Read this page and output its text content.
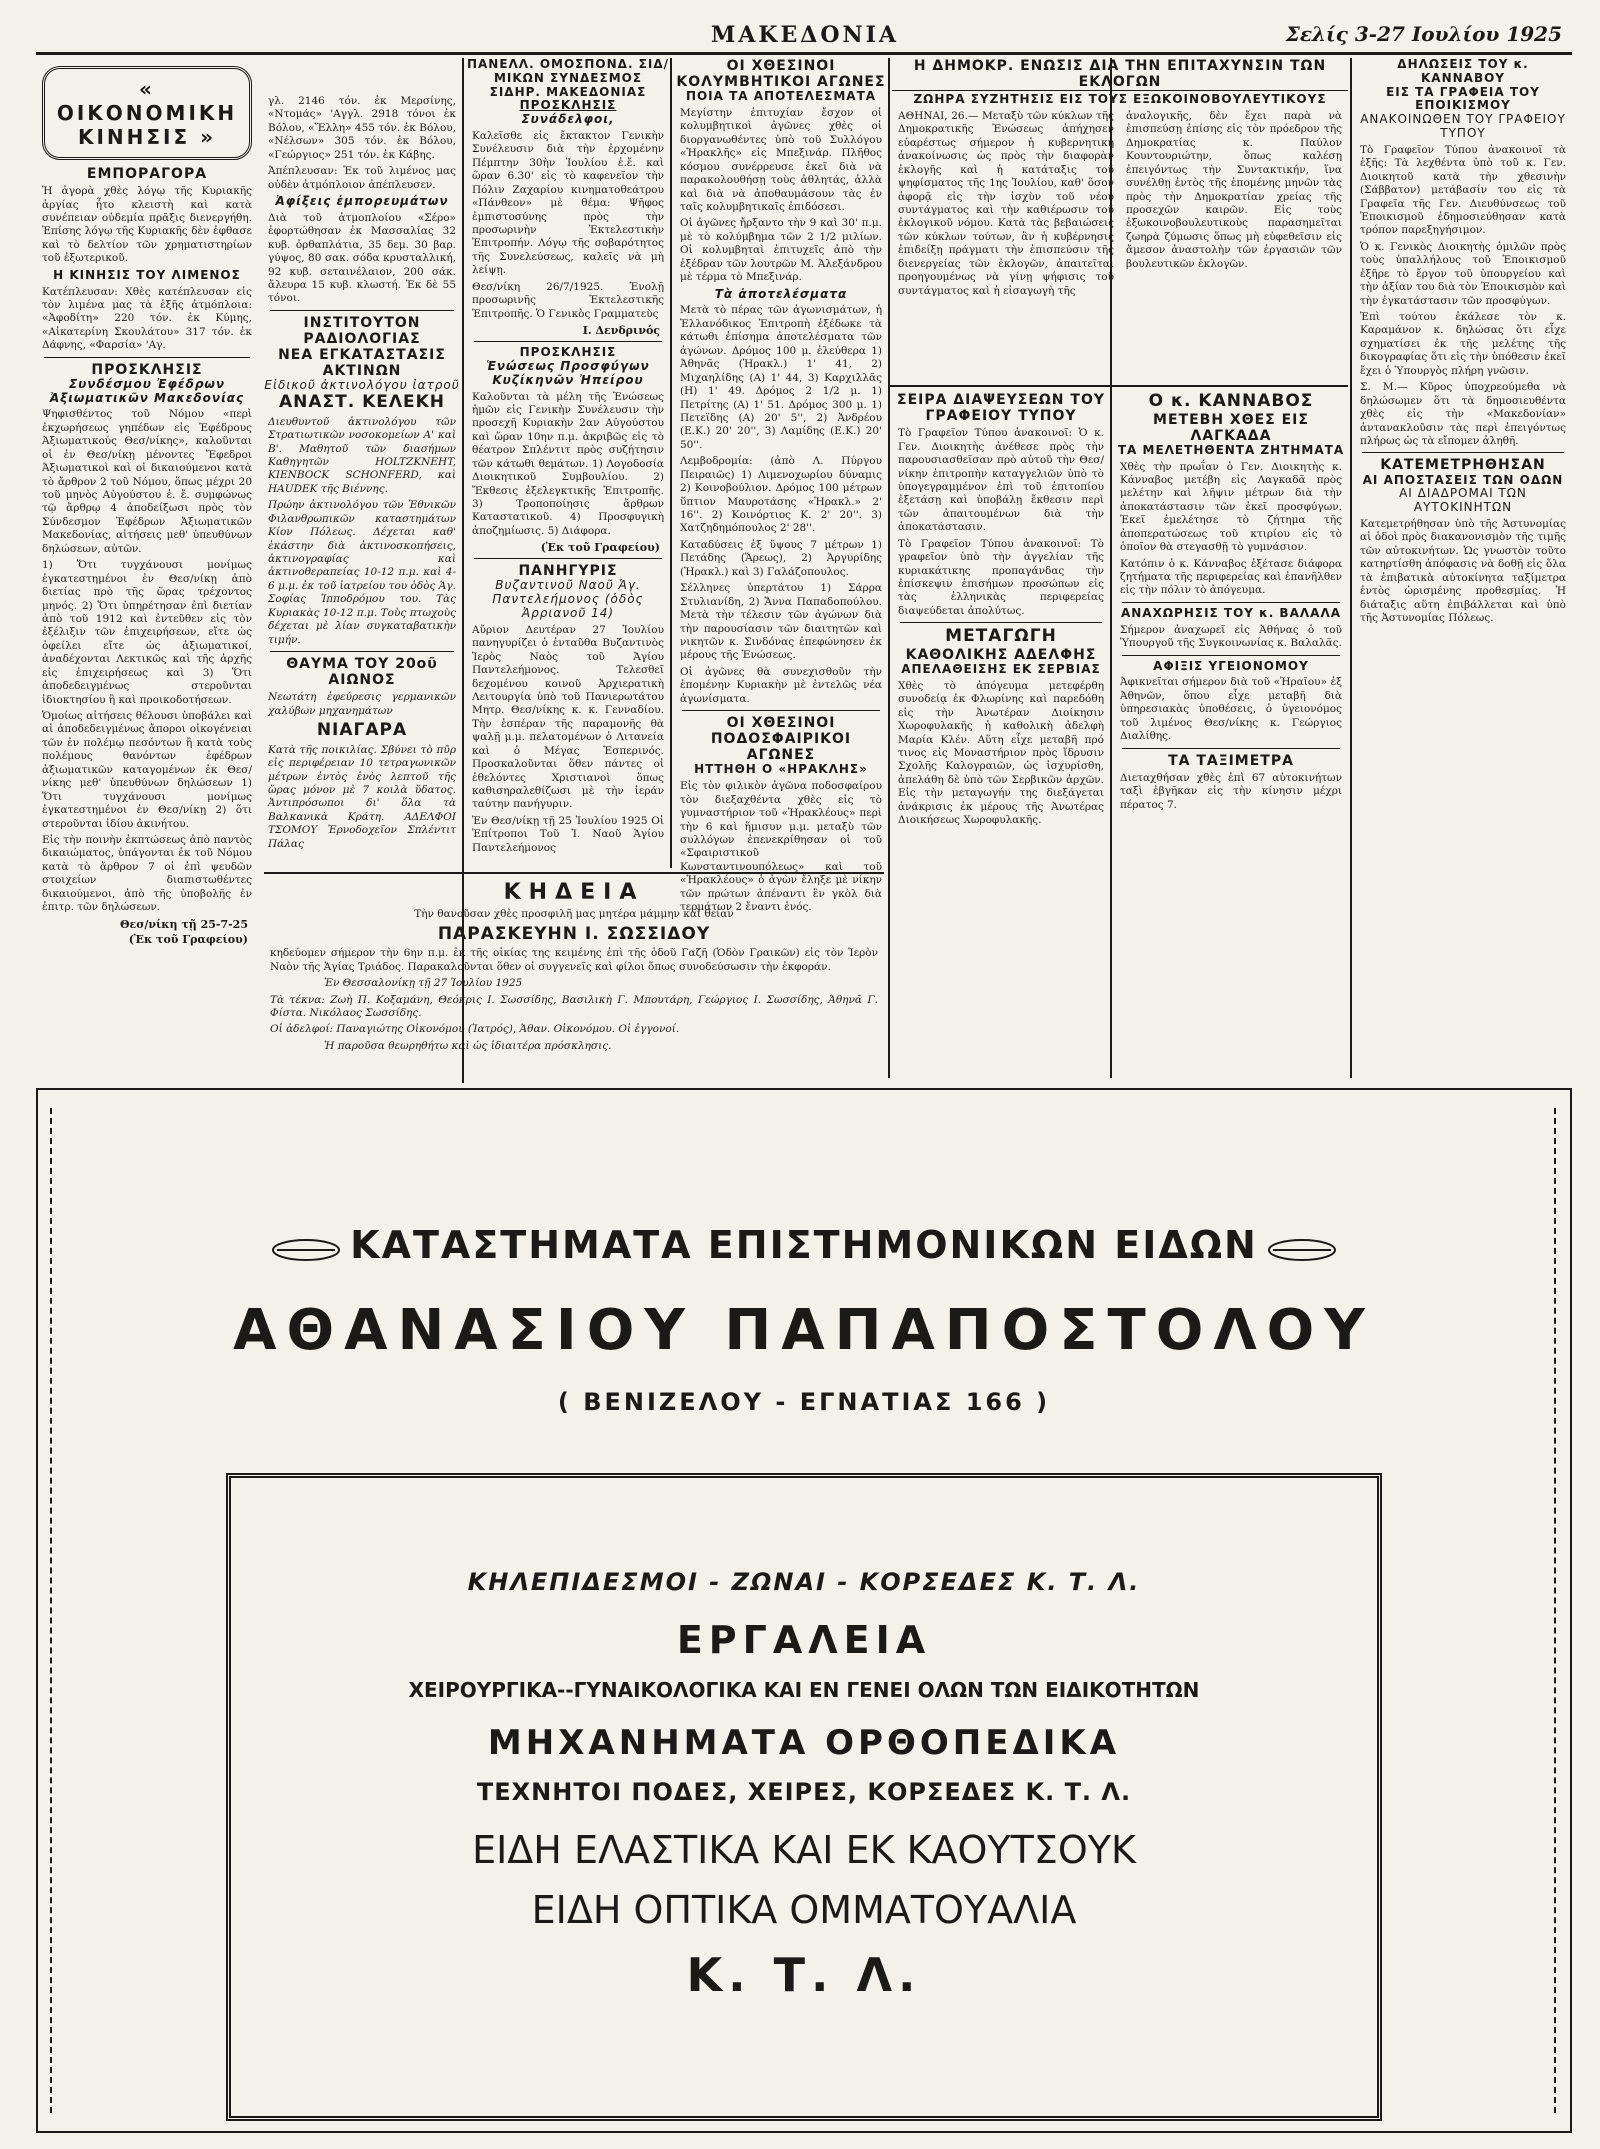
ΜΑΚΕΔΟΝΙΑ	Σελίς 3-27 Ιουλίου 1925
« ΟΙΚΟΝΟΜΙΚΗ ΚΙΝΗΣΙΣ »
ΕΜΠΟΡΑΓΟΡΑ
Ἡ ἀγορὰ χθὲς λόγῳ τῆς Κυριακῆς ἀργίας ἦτο κλειστὴ καὶ κατὰ συνέπειαν οὐδεμία πρᾶξις διενεργήθη. Ἐπίσης λόγῳ τῆς Κυριακῆς δὲν ἐφθασε καὶ τὸ δελτίον τῶν χρηματιστηρίων τοῦ ἐξωτερικοῦ.
Η ΚΙΝΗΣΙΣ ΤΟΥ ΛΙΜΕΝΟΣ
Κατέπλευσαν: Χθὲς κατέπλευσαν εἰς τὸν λιμένα μας τὰ ἑξῆς ἀτμόπλοια: «Ἀφοδίτη» 220 τόν. ἐκ Κύμης, «Αἰκατερίνη Σκουλάτου» 317 τόν. ἐκ Δάφνης, «Φαρσία» 'Αγ.
ΠΡΟΣΚΛΗΣΙΣ
Συνδέσμου Ἐφέδρων Ἀξιωματικῶν Μακεδονίας
Ψηφισθέντος τοῦ Νόμου «περὶ ἐκχωρήσεως γηπέδων εἰς Ἐφέδρους Ἀξιωματικούς Θεσ/νίκης», καλοῦνται οἱ ἐν Θεσ/νίκῃ μένοντες Ἔφεδροι Ἀξιωματικοὶ καὶ οἱ δικαιούμενοι κατὰ τὸ ἄρθρον 2 τοῦ Νόμου, ὅπως μέχρι 20 τοῦ μηνὸς Αὐγούστου ἐ. ἔ. συμφώνως τῷ ἄρθρῳ 4 ἀποδείξωσι πρὸς τὸν Σύνδεσμον Ἐφέδρων Ἀξιωματικῶν Μακεδονίας, αἰτήσεις μεθ' ὑπευθύνων δηλώσεων, αὐτῶν.
1) Ὅτι τυγχάνουσι μονίμως ἐγκατεστημένοι ἐν Θεσ/νίκῃ ἀπὸ διετίας πρὸ τῆς ὥρας τρέχοντος μηνός. 2) Ὅτι ὑπηρέτησαν ἐπὶ διετίαν ἀπὸ τοῦ 1912 καὶ ἐντεῦθεν εἰς τὸν ἐξέλιξιν τῶν ἐπιχειρήσεων, εἴτε ὡς ὀφείλει εἴτε ὡς ἀξιωματικοί, ἀναδέχονται Λεκτικῶς καὶ τῆς ἀρχῆς εἰς ἐπιχειρήσεως καὶ 3) Ὅτι ἀποδεδειγμένως στεροῦνται ἰδιοκτησίου ἢ καὶ προικοδοτήσεων.
Ὁμοίως αἰτήσεις θέλουσι ὑποβάλει καὶ αἱ ἀποδεδειγμένως ἄποροι οἰκογένειαι τῶν ἐν πολέμῳ πεσόντων ἢ κατὰ τοὺς πολέμους θανόντων ἐφέδρων ἀξιωματικῶν καταγομένων ἐκ Θεσ/νίκης μεθ' ὑπευθύνων δηλώσεων 1) Ὅτι τυγχάνουσι μονίμως ἐγκατεστημένοι ἐν Θεσ/νίκῃ 2) ὅτι στεροῦνται ἰδίου ἀκινήτου.
Εἰς τὴν ποινὴν ἐκπτώσεως ἀπὸ παντὸς δικαιώματος, ὑπάγονται ἐκ τοῦ Νόμου κατὰ τὸ ἄρθρον 7 οἱ ἐπὶ ψευδῶν στοιχείων διαπιστωθέντες δικαιούμενοι, ἀπὸ τῆς ὑποβολῆς ἐν ἐπιτρ. τῶν δηλώσεων.
Θεσ/νίκη τῇ 25-7-25
(Ἐκ τοῦ Γραφείου)
γλ. 2146 τόν. ἐκ Μερσίνης, «Ντομάς» 'Αγγλ. 2918 τόνοι ἐκ Βόλου, «Ἕλλη» 455 τόν. ἐκ Βόλου, «Νέλσων» 305 τόν. ἐκ Βόλου, «Γεώργιος» 251 τόν. ἐκ Κάβης.
Ἀπέπλευσαν: Ἐκ τοῦ λιμένος μας οὐδὲν ἀτμόπλοιον ἀπέπλευσεν.
Ἀφίξεις ἐμπορευμάτων
Διὰ τοῦ ἀτμοπλοίου «Σέρο» ἐφορτώθησαν ἐκ Μασσαλίας 32 κυβ. ὀρθαπλάτια, 35 δεμ. 30 βαρ. γύψος, 80 σακ. σόδα κρυσταλλική, 92 κυβ. σεταινέλαιον, 200 σάκ. ἄλευρα 15 κυβ. κλωστή. Ἐκ δὲ 55 τόνοι.
ΙΝΣΤΙΤΟΥΤΟΝ ΡΑΔΙΟΛΟΓΙΑΣ
ΝΕΑ ΕΓΚΑΤΑΣΤΑΣΙΣ ΑΚΤΙΝΩΝ
Εἰδικοῦ ἀκτινολόγου ἰατροῦ
ΑΝΑΣΤ. ΚΕΛΕΚΗ
Διευθυντοῦ ἀκτινολόγου τῶν Στρατιωτικῶν νοσοκομείων Α' καὶ Β'. Μαθητοῦ τῶν διασήμων Καθηγητῶν HOLTZKNEHT, KIENBOCK SCHONFERD, καὶ HAUDEK τῆς Βιέννης.
Πρώην ἀκτινολόγου τῶν Ἐθνικῶν Φιλανθρωπικῶν καταστημάτων Κίον Πόλεως. Δέχεται καθ' ἑκάστην διὰ ἀκτινοσκοπήσεις, ἀκτινογραφίας καὶ ἀκτινοθεραπείας 10-12 π.μ. καὶ 4-6 μ.μ. ἐκ τοῦ ἰατρείου του ὁδὸς Ἁγ. Σοφίας Ἱπποδρόμου του. Τὰς Κυριακὰς 10-12 π.μ. Τοὺς πτωχοὺς δέχεται μὲ λίαν συγκαταβατικὴν τιμήν.
ΘΑΥΜΑ ΤΟΥ 20οῦ ΑΙΩΝΟΣ
Νεωτάτη ἐφεύρεσις γερμανικῶν χαλύβων μηχανημάτων
ΝΙΑΓΑΡΑ
Κατὰ τῆς ποικιλίας. Σβύνει τὸ πῦρ εἰς περιφέρειαν 10 τετραγωνικῶν μέτρων ἐντὸς ἑνὸς λεπτοῦ τῆς ὥρας μόνον μὲ 7 κοιλὰ ὕδατος. Ἀντιπρόσωποι δι' ὅλα τὰ Βαλκανικὰ Κράτη. ΑΔΕΛΦΟΙ ΤΣΟΜΟΥ Ἐρνοδοχεῖον Σπλέντιτ Πάλας
ΠΑΝΕΛΛ. ΟΜΟΣΠΟΝΔ. ΣΙΔ/ΜΙΚΩΝ ΣΥΝΔΕΣΜΟΣ ΣΙΔΗΡ. ΜΑΚΕΔΟΝΙΑΣ
ΠΡΟΣΚΛΗΣΙΣ
Συνάδελφοι,
Καλεῖσθε εἰς ἔκτακτον Γενικὴν Συνέλευσιν διὰ τὴν ἐρχομένην Πέμπτην 30ὴν Ἰουλίου ἐ.ἔ. καὶ ὥραν 6.30' εἰς τὸ καφενεῖον τὴν Πόλιν Ζαχαρίου κινηματοθεάτρου «Πάνθεον» μὲ θέμα: Ψῆφος ἐμπιστοσύνης πρὸς τὴν προσωρινὴν Ἐκτελεστικὴν Ἐπιτροπήν. Λόγῳ τῆς σοβαρότητος τῆς Συνελεύσεως, καλεῖς νὰ μὴ λείψῃ.
Θεσ/νίκη 26/7/1925. Ἐνολῇ προσωρινῆς Ἐκτελεστικῆς Ἐπιτροπῆς. Ὁ Γενικὸς Γραμματεὺς
Ι. Δενδρινός
ΠΡΟΣΚΛΗΣΙΣ
Ἑνώσεως Προσφύγων Κυζίκηνῶν Ἠπείρου
Καλοῦνται τὰ μέλη τῆς Ἑνώσεως ἡμῶν εἰς Γενικὴν Συνέλευσιν τὴν προσεχῆ Κυριακὴν 2αν Αὐγούστου καὶ ὥραν 10ην π.μ. ἀκριβῶς εἰς τὸ θέατρον Σπλέντιτ πρὸς συζήτησιν τῶν κάτωθι θεμάτων. 1) Λογοδοσία Διοικητικοῦ Συμβουλίου. 2) Ἔκθεσις ἐξελεγκτικῆς Ἐπιτροπῆς. 3) Τροποποίησις ἄρθρων Καταστατικοῦ. 4) Προσφυγικὴ ἀποζημίωσις. 5) Διάφορα.
(Ἐκ τοῦ Γραφείου)
ΠΑΝΗΓΥΡΙΣ
Βυζαντινοῦ Ναοῦ Ἁγ. Παντελεήμονος (ὁδὸς Ἀρριανοῦ 14)
Αὔριον Δευτέραν 27 Ἰουλίου πανηγυρίζει ὁ ἐνταῦθα Βυζαντινὸς Ἱερὸς Ναὸς τοῦ Ἁγίου Παντελεήμονος. Τελεσθεῖ δεχομένου κοινοῦ Ἀρχιερατικὴ Λειτουργία ὑπὸ τοῦ Πανιερωτάτου Μητρ. Θεσ/νίκης κ. κ. Γενναδίου. Τὴν ἑσπέραν τῆς παραμονῆς θὰ ψαλῇ μ.μ. πελατομένων ὁ Λιτανεία καὶ ὁ Μέγας Ἑσπερινός. Προσκαλοῦνται ὅθεν πάντες οἱ ἐθελόντες Χριστιανοὶ ὅπως καθισηραλεθίζωσι μὲ τὴν ἱεράν ταύτην πανήγυριν.
Ἐν Θεσ/νίκῃ τῇ 25 Ἰουλίου 1925 Οἱ Ἐπίτροποι Τοῦ Ἱ. Ναοῦ Ἁγίου Παντελεήμονος
ΟΙ ΧΘΕΣΙΝΟΙ ΚΟΛΥΜΒΗΤΙΚΟΙ ΑΓΩΝΕΣ
ΠΟΙΑ ΤΑ ΑΠΟΤΕΛΕΣΜΑΤΑ
Μεγίστην ἐπιτυχίαν ἔσχον οἱ κολυμβητικοὶ ἀγῶνες χθὲς οἱ διοργανωθέντες ὑπὸ τοῦ Συλλόγου «Ἡρακλῆς» εἰς Μπεξινάρ. Πλῆθος κόσμου συνέρρευσε ἐκεῖ διὰ νὰ παρακολουθήσῃ τοὺς ἀθλητάς, ἀλλὰ καὶ διὰ νὰ ἀποθαυμάσουν τὰς ἐν ταῖς κολυμβητικαῖς ἐπιδόσεσι.
Οἱ ἀγῶνες ἤρξαντο τὴν 9 καὶ 30' π.μ. μὲ τὸ κολύμβημα τῶν 2 1/2 μιλίων. Οἱ κολυμβηταὶ ἐπιτυχεῖς ἀπὸ τὴν ἐξέδραν τῶν λουτρῶν Μ. Ἀλεξάνδρου μὲ τέρμα τὸ Μπεξινάρ.
Τὰ ἀποτελέσματα
Μετὰ τὸ πέρας τῶν ἀγωνισμάτων, ἡ Ἑλλανόδικος Ἐπιτροπὴ ἐξέδωκε τὰ κάτωθι ἐπίσημα ἀποτελέσματα τῶν ἀγώνων. Δρόμος 100 μ. ἐλεύθερα 1) Ἀθηνᾶς (Ἡρακλ.) 1' 41, 2) Μιχαηλίδης (Α) 1' 44, 3) Καρχιλλᾶς (Η) 1' 49. Δρόμος 2 1/2 μ. 1) Πετρίτης (Α) 1' 51. Δρόμος 300 μ. 1) Πετεϊδης (Α) 20' 5'', 2) Ἀνδρέου (Ε.Κ.) 20' 20'', 3) Λαμίδης (Ε.Κ.) 20' 50''.
Λεμβοδρομία: (ἀπὸ Λ. Πύργου Πειραιῶς) 1) Λιμενοχωρίου δύναμις 2) Κοινοβούλιον. Δρόμος 100 μέτρων ὕπτιον Μαυροτάσης «Ἡρακλ.» 2' 16''. 2) Κοινόρτιος Κ. 2' 20''. 3) Χατζηδημόπουλος 2' 28''.
Καταδύσεις ἐξ ὕψους 7 μέτρων 1) Πετάδης (Ἄρεως), 2) Ἀργυρίδης (Ἡρακλ.) καὶ 3) Γαλάζοπουλος.
Σέλληνες ὑπερτάτου 1) Σάρρα Στυλιανίδη, 2) Ἄννα Παπαδοπούλου. Μετὰ τὴν τέλεσιν τῶν ἀγώνων διὰ τὴν παρουσίασιν τῶν διαιτητῶν καὶ νικητῶν κ. Σινδόνας ἐπεφώνησεν ἐκ μέρους τῆς Ἑνώσεως.
Οἱ ἀγῶνες θὰ συνεχισθοῦν τὴν ἑπομένην Κυριακὴν μὲ ἐντελῶς νέα ἀγωνίσματα.
ΟΙ ΧΘΕΣΙΝΟΙ ΠΟΔΟΣΦΑΙΡΙΚΟΙ ΑΓΩΝΕΣ
ΗΤΤΗΘΗ Ο «ΗΡΑΚΛΗΣ»
Εἰς τὸν φιλικὸν ἀγῶνα ποδοσφαίρου τὸν διεξαχθέντα χθὲς εἰς τὸ γυμναστήριον τοῦ «Ἡρακλέους» περὶ τὴν 6 καὶ ἥμισυν μ.μ. μεταξὺ τῶν συλλόγων ἐπενεκρίθησαν οἱ τοῦ «Σφαιριστικοῦ Κωνσταντινουπόλεως» καὶ τοῦ «Ἡρακλέους» ὁ ἀγὼν ἔληξε μὲ νίκην τῶν πρώτων ἀπέναντι ἓν γκὸλ διὰ τερμάτων 2 ἔναντι ἑνός.
Η ΔΗΜΟΚΡ. ΕΝΩΣΙΣ ΔΙΑ ΤΗΝ ΕΠΙΤΑΧΥΝΣΙΝ ΤΩΝ ΕΚΛΟΓΩΝ
ΖΩΗΡΑ ΣΥΖΗΤΗΣΙΣ ΕΙΣ ΤΟΥΣ ΕΞΩΚΟΙΝΟΒΟΥΛΕΥΤΙΚΟΥΣ
ΑΘΗΝΑΙ, 26.— Μεταξὺ τῶν κύκλων τῆς Δημοκρατικῆς Ἑνώσεως ἀπήχησεν εὐαρέστως σήμερον ἡ κυβερνητικὴ ἀνακοίνωσις ὡς πρὸς τὴν διαφορὰν ἐκλογῆς καὶ ἡ κατάταξις τοῦ ψηφίσματος τῆς 1ης Ἰουλίου, καθ' ὅσον ἀφορᾷ εἰς τὴν ἰσχὺν τοῦ νέου συντάγματος καὶ τὴν καθιέρωσιν τοῦ ἐκλογικοῦ νόμου. Κατὰ τὰς βεβαιώσεις τῶν κύκλων τούτων, ἂν ἡ κυβέρνησις ἐπιδείξῃ πράγματι τὴν ἐπισπεύσιν τῆς διενεργείας τῶν ἐκλογῶν, ἀπαιτεῖται προηγουμένως νὰ γίνῃ ψήφισις τοῦ συντάγματος καὶ ἡ εἰσαγωγὴ τῆς
ἀναλογικῆς, δὲν ἔχει παρὰ νὰ ἐπισπεύσῃ ἐπίσης εἰς τὸν πρόεδρον τῆς Δημοκρατίας κ. Παύλον Κουντουριώτην, ὅπως καλέσῃ ἐπειγόντως τὴν Συντακτικήν, ἵνα συνέλθῃ ἐντὸς τῆς ἑπομένης μηνῶν τὰς πρὸς τὴν Δημοκρατίαν χρείας τῆς προσεχῶν καιρῶν. Εἰς τοὺς ἐξωκοινοβουλευτικοὺς παρασημεῖται ζωηρὰ ζύμωσις ὅπως μὴ εὐφεθεῖσιν εἰς ἄμεσον ἀναστολὴν τῶν ἐργασιῶν τῶν βουλευτικῶν ἐκλογῶν.
ΣΕΙΡΑ ΔΙΑΨΕΥΣΕΩΝ ΤΟΥ ΓΡΑΦΕΙΟΥ ΤΥΠΟΥ
Τὸ Γραφεῖον Τύπου ἀνακοινοῖ: Ὁ κ. Γεν. Διοικητὴς ἀνέθεσε πρὸς τὴν παρουσιασθεῖσαν πρὸ αὐτοῦ τὴν Θεσ/νίκην ἐπιτροπὴν καταγγελιῶν ὑπὸ τὸ ὑπογεγραμμένον ἐπὶ τοῦ ἐπιτοπίου ἐξετάσῃ καὶ ὑποβάλῃ ἔκθεσιν περὶ τῶν ἀπαιτουμένων διὰ τὴν ἀποκατάστασιν.
Τὸ Γραφεῖον Τύπου ἀνακοινοῖ: Τὸ γραφεῖον ὑπὸ τὴν ἀγγελίαν τῆς κυριακάτικης προπαγάνδας τὴν ἐπίσκεψιν ἐπισήμων προσώπων εἰς τὰς ἐλληνικὰς περιφερείας διαψεύδεται ἀπολύτως.
ΜΕΤΑΓΩΓΗ
ΚΑΘΟΛΙΚΗΣ ΑΔΕΛΦΗΣ
ΑΠΕΛΑΘΕΙΣΗΣ ΕΚ ΣΕΡΒΙΑΣ
Χθὲς τὸ ἀπόγευμα μετεφέρθη συνοδείᾳ ἐκ Φλωρίνης καὶ παρεδόθη εἰς τὴν Ἀνωτέραν Διοίκησιν Χωροφυλακῆς ἡ καθολικὴ ἀδελφὴ Μαρία Κλέν. Αὕτη εἶχε μεταβῆ πρό τινος εἰς Μοναστήριον πρὸς ἵδρυσιν Σχολῆς Καλογραιῶν, ὡς ἰσχυρίσθη, ἀπελάθη δὲ ὑπὸ τῶν Σερβικῶν ἀρχῶν. Εἰς τὴν μεταγωγήν της διεξάγεται ἀνάκρισις ἐκ μέρους τῆς Ἀνωτέρας Διοικήσεως Χωροφυλακῆς.
Ο κ. ΚΑΝΝΑΒΟΣ
ΜΕΤΕΒΗ ΧΘΕΣ ΕΙΣ ΛΑΓΚΑΔΑ
ΤΑ ΜΕΛΕΤΗΘΕΝΤΑ ΖΗΤΗΜΑΤΑ
Χθὲς τὴν πρωΐαν ὁ Γεν. Διοικητὴς κ. Κάνναβος μετέβη εἰς Λαγκαδᾶ πρὸς μελέτην καὶ λῆψιν μέτρων διὰ τὴν ἀποκατάστασιν τῶν ἐκεῖ προσφύγων. Ἐκεῖ ἐμελέτησε τὸ ζήτημα τῆς ἀποπερατώσεως τοῦ κτιρίου εἰς τὸ ὁποῖον θὰ στεγασθῇ τὸ γυμνάσιον.
Κατόπιν ὁ κ. Κάνναβος ἐξέτασε διάφορα ζητήματα τῆς περιφερείας καὶ ἐπανῆλθεν εἰς τὴν πόλιν τὸ ἀπόγευμα.
ΑΝΑΧΩΡΗΣΙΣ ΤΟΥ κ. ΒΑΛΑΛΑ
Σήμερον ἀναχωρεῖ εἰς Ἀθήνας ὁ τοῦ Ὑπουργοῦ τῆς Συγκοινωνίας κ. Βαλαλᾶς.
ΑΦΙΞΙΣ ΥΓΕΙΟΝΟΜΟΥ
Ἀφικνεῖται σήμερον διὰ τοῦ «Ἠραῖου» ἐξ Ἀθηνῶν, ὅπου εἶχε μεταβῆ διὰ ὑπηρεσιακὰς ὑποθέσεις, ὁ ὑγειονόμος τοῦ λιμένος Θεσ/νίκης κ. Γεώργιος Διαλίθης.
ΤΑ ΤΑΞΙΜΕΤΡΑ
Διεταχθήσαν χθὲς ἐπὶ 67 αὐτοκινήτων ταξὶ ἐβγῆκαν εἰς τὴν κίνησιν μέχρι πέρατος 7.
ΔΗΛΩΣΕΙΣ ΤΟΥ κ. ΚΑΝΝΑΒΟΥ
ΕΙΣ ΤΑ ΓΡΑΦΕΙΑ ΤΟΥ ΕΠΟΙΚΙΣΜΟΥ
ΑΝΑΚΟΙΝΩΘΕΝ ΤΟΥ ΓΡΑΦΕΙΟΥ ΤΥΠΟΥ
Τὸ Γραφεῖον Τύπου ἀνακοινοῖ τὰ ἑξῆς: Τὰ λεχθέντα ὑπὸ τοῦ κ. Γεν. Διοικητοῦ κατὰ τὴν χθεσινὴν (Σάββατον) μετάβασίν του εἰς τὰ Γραφεῖα τῆς Γεν. Διευθύνσεως τοῦ Ἐποικισμοῦ ἐδημοσιεύθησαν κατὰ τρόπον παρεξηγήσιμον.
Ὁ κ. Γενικὸς Διοικητὴς ὁμιλῶν πρὸς τοὺς ὑπαλλήλους τοῦ Ἐποικισμοῦ ἐξῆρε τὸ ἔργον τοῦ ὑπουργείου καὶ τὴν ἀξίαν του διὰ τὸν Ἐποικισμὸν καὶ τὴν ἐγκατάστασιν τῶν προσφύγων.
Ἐπὶ τούτου ἐκάλεσε τὸν κ. Καραμάνον κ. δηλώσας ὅτι εἶχε σχηματίσει ἐκ τῆς μελέτης τῆς δικογραφίας ὅτι εἰς τὴν ὑπόθεσιν ἐκεῖ ἔχει ὁ Ὑπουργὸς πλήρη γνῶσιν.
Σ. Μ.— Κῦρος ὑποχρεούμεθα νὰ δηλώσωμεν ὅτι τὰ δημοσιευθέντα χθὲς εἰς τὴν «Μακεδονίαν» ἀντανακλοῦσιν τὰς περὶ ἐπειγόντως πλήρως ὡς τὰ εἴπομεν ἀληθῆ.
ΚΑΤΕΜΕΤΡΗΘΗΣΑΝ
ΑΙ ΑΠΟΣΤΑΣΕΙΣ ΤΩΝ ΟΔΩΝ
ΑΙ ΔΙΑΔΡΟΜΑΙ ΤΩΝ ΑΥΤΟΚΙΝΗΤΩΝ
Κατεμετρήθησαν ὑπὸ τῆς Ἀστυνομίας αἱ ὁδοὶ πρὸς διακανονισμὸν τῆς τιμῆς τῶν αὐτοκινήτων. Ὡς γνωστὸν τοῦτο κατηρτίσθη ἀπόφασις νὰ δοθῇ εἰς ὅλα τὰ ἐπιβατικὰ αὐτοκίνητα ταξίμετρα ἐντὸς ὡρισμένης προθεσμίας. Ἡ διάταξις αὕτη ἐπιβάλλεται καὶ ὑπὸ τῆς Ἀστυνομίας Πόλεως.
ΚΗΔΕΙΑ
Τὴν θανοῦσαν χθὲς προσφιλῆ μας μητέρα μάμμην καὶ θείαν
ΠΑΡΑΣΚΕΥΗΝ Ι. ΣΩΣΣΙΔΟΥ
κηδεύομεν σήμερον τὴν 6ην π.μ. ἐκ τῆς οἰκίας της κειμένης ἐπὶ τῆς ὁδοῦ Γαζῆ (Ὁδὸν Γραικῶν) εἰς τὸν Ἱερὸν Ναὸν τῆς Ἁγίας Τριάδος. Παρακαλοῦνται ὅθεν οἱ συγγενεῖς καὶ φίλοι ὅπως συνοδεύσωσιν τὴν ἐκφοράν.
Ἐν Θεσσαλονίκῃ τῇ 27 Ἰουλίου 1925
Τὰ τέκνα: Ζωὴ Π. Κοξαμάνη, Θεόκρις Ι. Σωσσίδης, Βασιλικὴ Γ. Μπουτάρη, Γεώργιος Ι. Σωσσίδης, Ἀθηνᾶ Γ. Φίστα. Νικόλαος Σωσσίδης.
Οἱ ἀδελφοί: Παναγιώτης Οἰκονόμου (Ἰατρός), Ἀθαν. Οἰκονόμου. Οἱ ἐγγονοί.
Ἡ παροῦσα θεωρηθήτω καὶ ὡς ἰδιαιτέρα πρόσκλησις.
ΚΑΤΑΣΤΗΜΑΤΑ ΕΠΙΣΤΗΜΟΝΙΚΩΝ ΕΙΔΩΝ
ΑΘΑΝΑΣΙΟΥ ΠΑΠΑΠΟΣΤΟΛΟΥ
( ΒΕΝΙΖΕΛΟΥ - ΕΓΝΑΤΙΑΣ 166 )
ΚΗΛΕΠΙΔΕΣΜΟΙ - ΖΩΝΑΙ - ΚΟΡΣΕΔΕΣ Κ. Τ. Λ.
ΕΡΓΑΛΕΙΑ
ΧΕΙΡΟΥΡΓΙΚΑ--ΓΥΝΑΙΚΟΛΟΓΙΚΑ ΚΑΙ ΕΝ ΓΕΝΕΙ ΟΛΩΝ ΤΩΝ ΕΙΔΙΚΟΤΗΤΩΝ
ΜΗΧΑΝΗΜΑΤΑ ΟΡΘΟΠΕΔΙΚΑ
ΤΕΧΝΗΤΟΙ ΠΟΔΕΣ, ΧΕΙΡΕΣ, ΚΟΡΣΕΔΕΣ Κ. Τ. Λ.
ΕΙΔΗ ΕΛΑΣΤΙΚΑ ΚΑΙ ΕΚ ΚΑΟΥΤΣΟΥΚ
ΕΙΔΗ ΟΠΤΙΚΑ ΟΜΜΑΤΟΥΑΛΙΑ
Κ. Τ. Λ.
